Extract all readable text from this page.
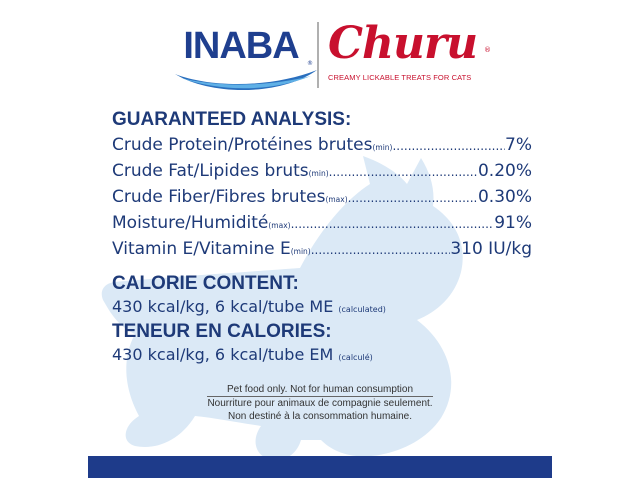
INABA	® Churu ®
CREAMY LICKABLE TREATS FOR CATS
GUARANTEED ANALYSIS:
Crude Protein/Protéines brutes (min) .....	7%
Crude Fat/Lipides bruts (min) .....	0.20%
Crude Fiber/Fibres brutes (max) .....	0.30%
Moisture/Humidité (max) .....	91%
Vitamin E/Vitamine E (min) .....	310 IU/kg
CALORIE CONTENT:
430 kcal/kg, 6 kcal/tube ME (calculated)
TENEUR EN CALORIES:
430 kcal/kg, 6 kcal/tube EM (calculé)
Pet food only. Not for human consumption
Nourriture pour animaux de compagnie seulement.
Non destiné à la consommation humaine.
